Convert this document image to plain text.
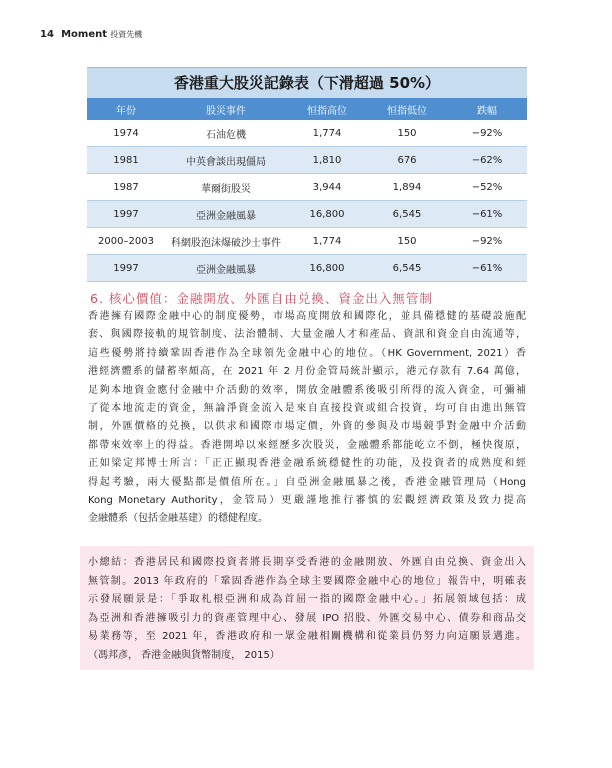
14 Moment 投資先機
香港重大股災記錄表（下滑超過 50%）
年份	股災事件	恒指高位	恒指低位	跌幅
1974	石油危機	1,774	150	−92%
1981	中英會談出現僵局	1,810	676	−62%
1987	華爾街股災	3,944	1,894	−52%
1997	亞洲金融風暴	16,800	6,545	−61%
2000–2003	科網股泡沫爆破沙士事件	1,774	150	−92%
1997	亞洲金融風暴	16,800	6,545	−61%
6. 核心價值：金融開放、外匯自由兑換、資金出入無管制
香港擁有國際金融中心的制度優勢，市場高度開放和國際化，並具備穩健的基礎設施配
套、與國際接軌的規管制度、法治體制、大量金融人才和產品、資訊和資金自由流通等，
這些優勢將持續鞏固香港作為全球領先金融中心的地位。（HK Government, 2021）香
港經濟體系的儲蓄率頗高，在 2021 年 2 月份金管局統計顯示，港元存款有 7.64 萬億，
足夠本地資金應付金融中介活動的效率，開放金融體系後吸引所得的流入資金，可彌補
了從本地流走的資金，無論淨資金流入是來自直接投資或組合投資，均可自由進出無管
制，外匯價格的兑換，以供求和國際市場定價，外資的參與及市場競爭對金融中介活動
都帶來效率上的得益。香港開埠以來經歷多次股災，金融體系都能屹立不倒，極快復原，
正如梁定邦博士所言：「正正顯現香港金融系統穩健性的功能，及投資者的成熟度和經
得起考驗，兩大優點都是價值所在。」自亞洲金融風暴之後，香港金融管理局（Hong
Kong Monetary Authority，金管局）更嚴謹地推行審慎的宏觀經濟政策及致力提高
金融體系（包括金融基建）的穩健程度。
小總結：香港居民和國際投資者將長期享受香港的金融開放、外匯自由兑換、資金出入
無管制。2013 年政府的「鞏固香港作為全球主要國際金融中心的地位」報告中，明確表
示發展願景是：「爭取札根亞洲和成為首屈一指的國際金融中心。」拓展領域包括：成
為亞洲和香港擁吸引力的資產管理中心、發展 IPO 招股、外匯交易中心、債券和商品交
易業務等，至 2021 年，香港政府和一眾金融相關機構和從業員仍努力向這願景邁進。
（馮邦彥， 香港金融與貨幣制度， 2015）
